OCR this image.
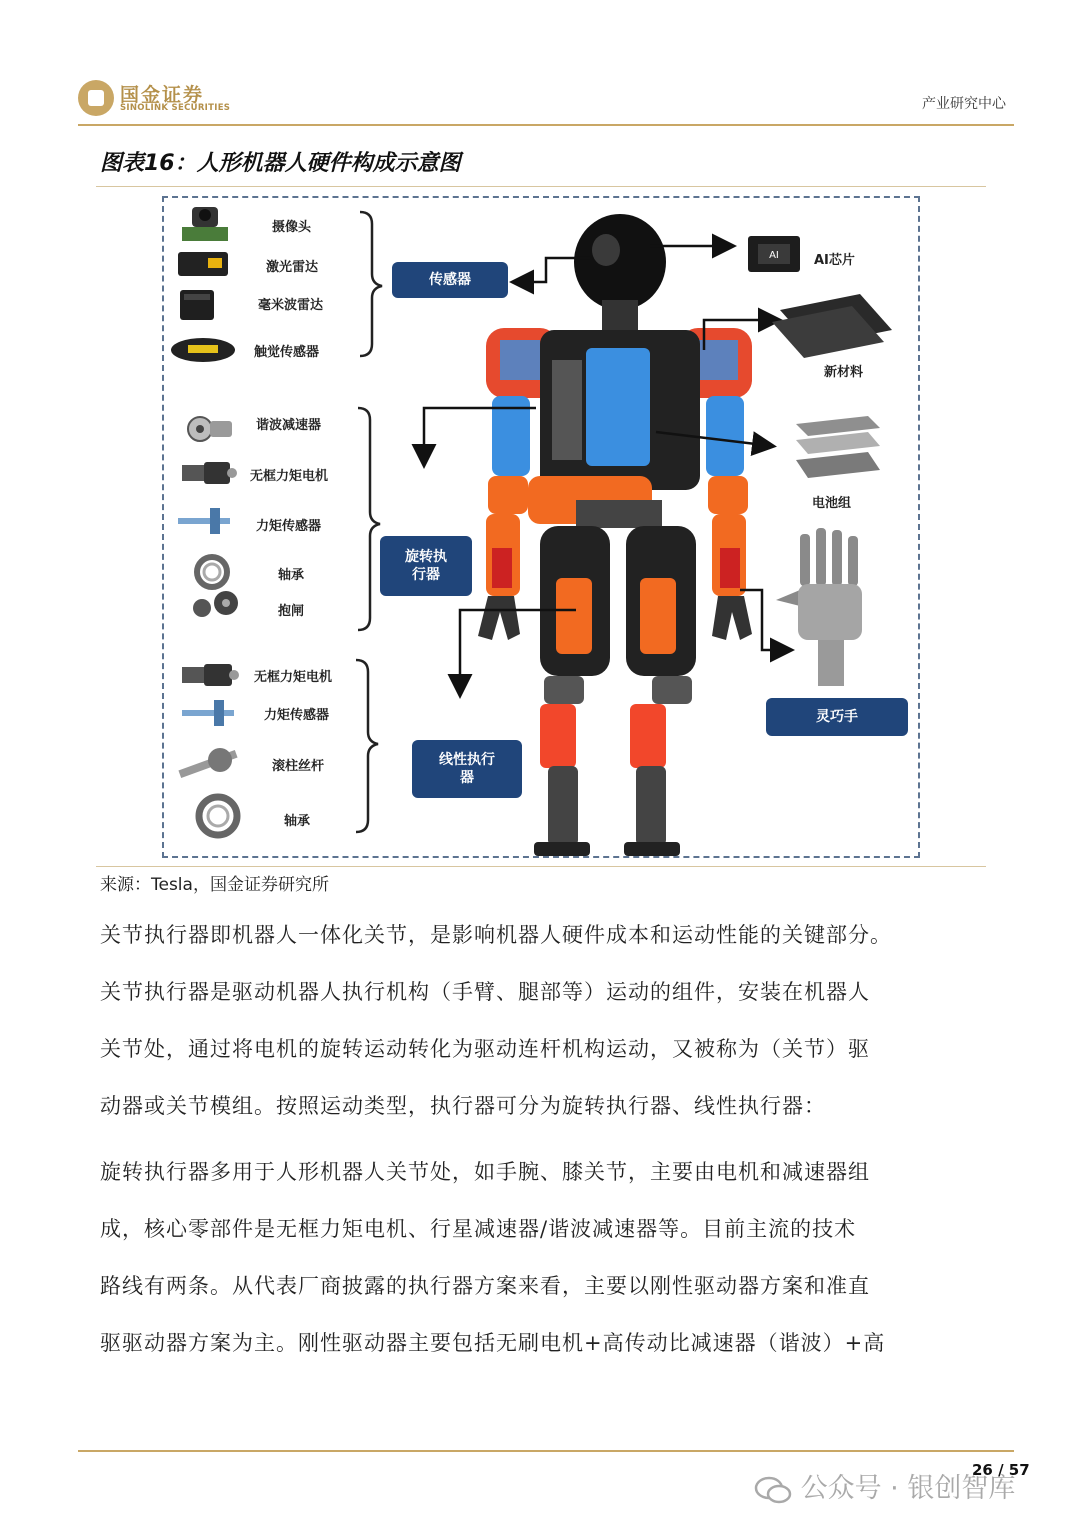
国金证券
SINOLINK SECURITIES	产业研究中心
图表16：人形机器人硬件构成示意图
AI
摄像头
激光雷达
毫米波雷达
触觉传感器
谐波减速器
无框力矩电机
力矩传感器
轴承
抱闸
无框力矩电机
力矩传感器
滚柱丝杆
轴承
传感器
旋转执
行器
线性执行
器
灵巧手
AI芯片
新材料
电池组
来源：Tesla，国金证券研究所

关节执行器即机器人一体化关节，是影响机器人硬件成本和运动性能的关键部分。

关节执行器是驱动机器人执行机构（手臂、腿部等）运动的组件，安装在机器人

关节处，通过将电机的旋转运动转化为驱动连杆机构运动，又被称为（关节）驱

动器或关节模组。按照运动类型，执行器可分为旋转执行器、线性执行器：

旋转执行器多用于人形机器人关节处，如手腕、膝关节，主要由电机和减速器组

成，核心零部件是无框力矩电机、行星减速器/谐波减速器等。目前主流的技术

路线有两条。从代表厂商披露的执行器方案来看，主要以刚性驱动器方案和准直

驱驱动器方案为主。刚性驱动器主要包括无刷电机+高传动比减速器（谐波）+高

公众号 · 银创智库
26 / 57
